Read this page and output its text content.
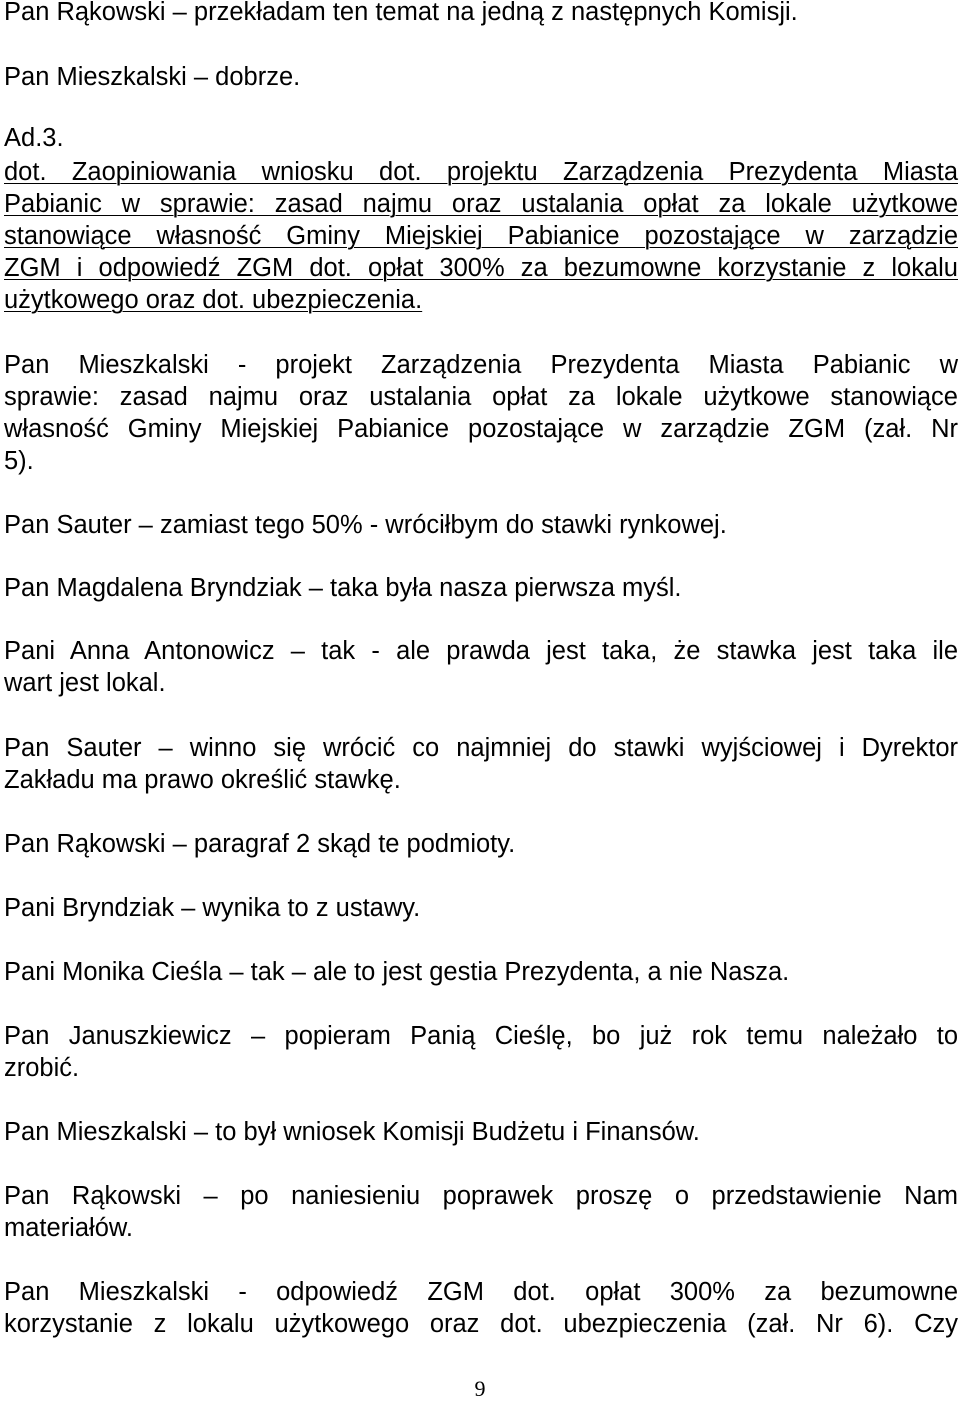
Pan Rąkowski – przekładam ten temat na jedną z następnych Komisji.

Pan Mieszkalski – dobrze.

Ad.3.

dot. Zaopiniowania wniosku dot. projektu Zarządzenia Prezydenta Miasta
Pabianic w sprawie: zasad najmu oraz ustalania opłat za lokale użytkowe
stanowiące własność Gminy Miejskiej Pabianice pozostające w zarządzie
ZGM i odpowiedź ZGM dot. opłat 300% za bezumowne korzystanie z lokalu
użytkowego oraz dot. ubezpieczenia.

Pan Mieszkalski - projekt Zarządzenia Prezydenta Miasta Pabianic w
sprawie: zasad najmu oraz ustalania opłat za lokale użytkowe stanowiące
własność Gminy Miejskiej Pabianice pozostające w zarządzie ZGM (zał. Nr
5).

Pan Sauter – zamiast tego 50% - wróciłbym do stawki rynkowej.

Pan Magdalena Bryndziak – taka była nasza pierwsza myśl.

Pani Anna Antonowicz – tak - ale prawda jest taka, że stawka jest taka ile
wart jest lokal.

Pan Sauter – winno się wrócić co najmniej do stawki wyjściowej i Dyrektor
Zakładu ma prawo określić stawkę.

Pan Rąkowski – paragraf 2 skąd te podmioty.

Pani Bryndziak – wynika to z ustawy.

Pani Monika Cieśla – tak – ale to jest gestia Prezydenta, a nie Nasza.

Pan Januszkiewicz – popieram Panią Cieślę, bo już rok temu należało to
zrobić.

Pan Mieszkalski – to był wniosek Komisji Budżetu i Finansów.

Pan Rąkowski – po naniesieniu poprawek proszę o przedstawienie Nam
materiałów.

Pan Mieszkalski - odpowiedź ZGM dot. opłat 300% za bezumowne
korzystanie z lokalu użytkowego oraz dot. ubezpieczenia (zał. Nr 6). Czy

9
